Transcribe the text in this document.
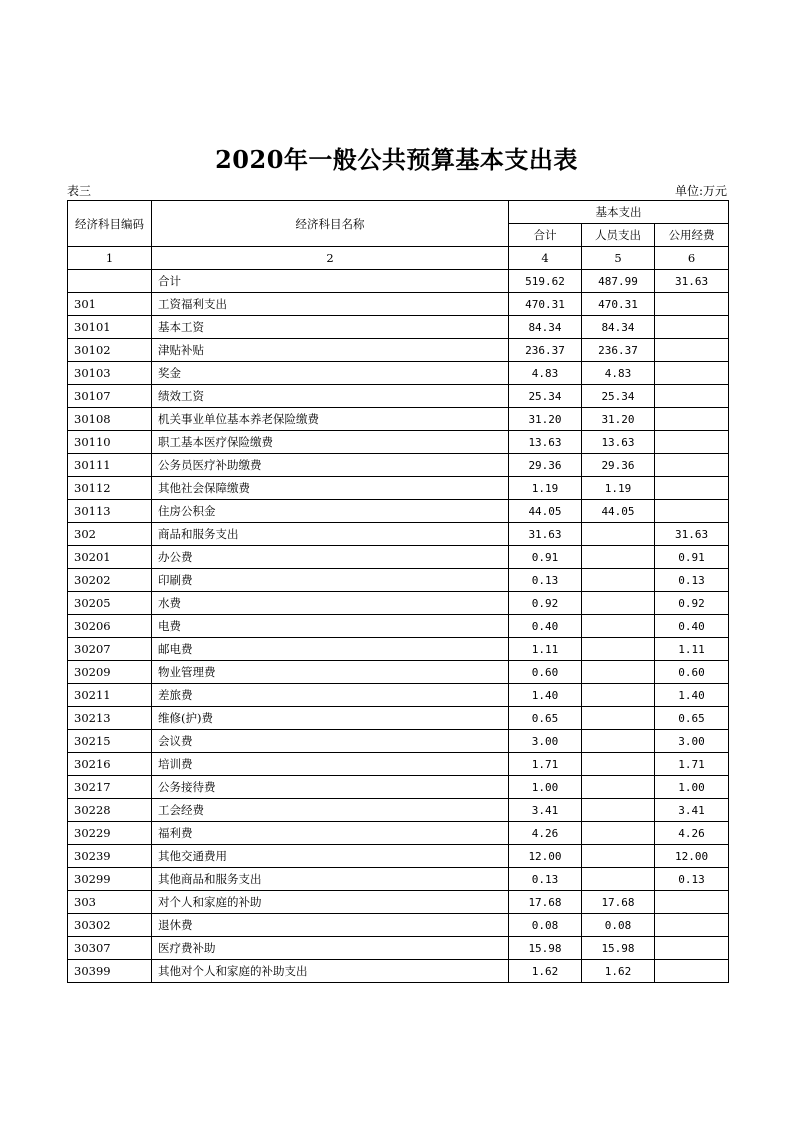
2020年一般公共预算基本支出表
表三	单位:万元
经济科目编码	经济科目名称	基本支出		
		合计	人员支出	公用经费
1	2	4	5	6
	合计	519.62	487.99	31.63
301	工资福利支出	470.31	470.31	
30101	基本工资	84.34	84.34	
30102	津贴补贴	236.37	236.37	
30103	奖金	4.83	4.83	
30107	绩效工资	25.34	25.34	
30108	机关事业单位基本养老保险缴费	31.20	31.20	
30110	职工基本医疗保险缴费	13.63	13.63	
30111	公务员医疗补助缴费	29.36	29.36	
30112	其他社会保障缴费	1.19	1.19	
30113	住房公积金	44.05	44.05	
302	商品和服务支出	31.63		31.63
30201	办公费	0.91		0.91
30202	印刷费	0.13		0.13
30205	水费	0.92		0.92
30206	电费	0.40		0.40
30207	邮电费	1.11		1.11
30209	物业管理费	0.60		0.60
30211	差旅费	1.40		1.40
30213	维修(护)费	0.65		0.65
30215	会议费	3.00		3.00
30216	培训费	1.71		1.71
30217	公务接待费	1.00		1.00
30228	工会经费	3.41		3.41
30229	福利费	4.26		4.26
30239	其他交通费用	12.00		12.00
30299	其他商品和服务支出	0.13		0.13
303	对个人和家庭的补助	17.68	17.68	
30302	退休费	0.08	0.08	
30307	医疗费补助	15.98	15.98	
30399	其他对个人和家庭的补助支出	1.62	1.62	
